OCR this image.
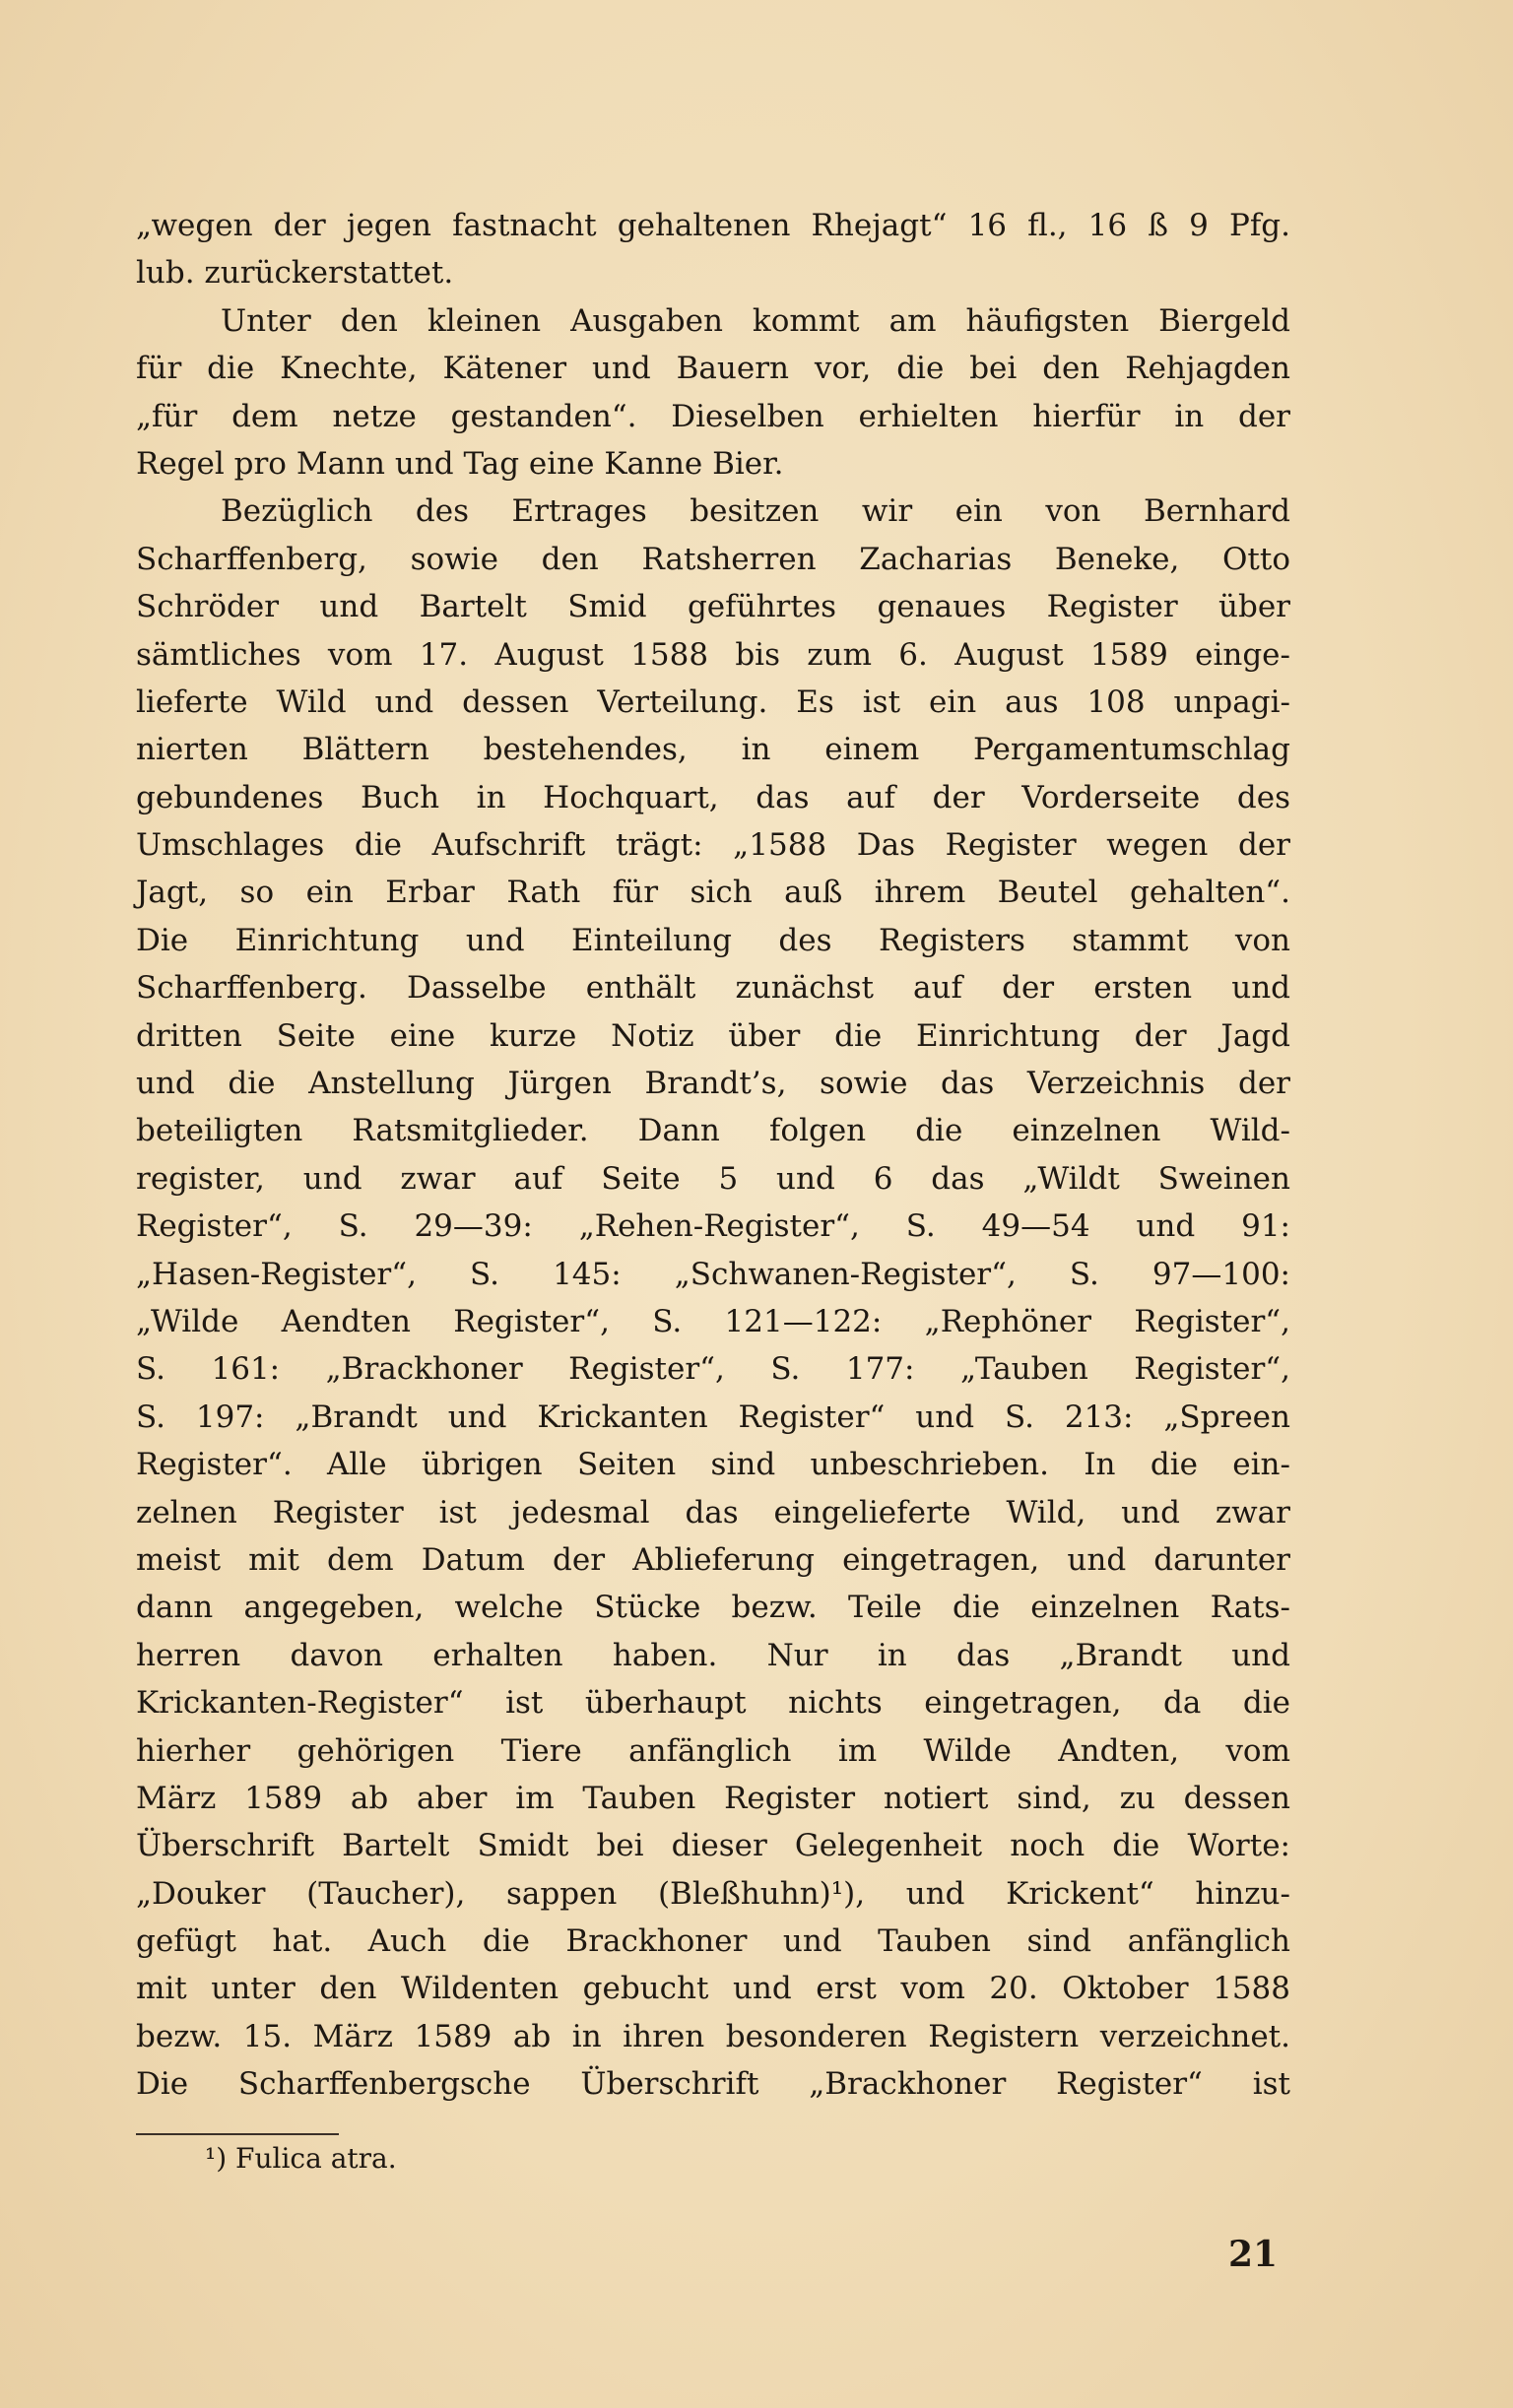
„wegen der jegen fastnacht gehaltenen Rhejagt“ 16 fl., 16 ß 9 Pfg.
lub. zurückerstattet.
Unter den kleinen Ausgaben kommt am häufigsten Biergeld
für die Knechte, Kätener und Bauern vor, die bei den Rehjagden
„für dem netze gestanden“. Dieselben erhielten hierfür in der
Regel pro Mann und Tag eine Kanne Bier.
Bezüglich des Ertrages besitzen wir ein von Bernhard
Scharffenberg, sowie den Ratsherren Zacharias Beneke, Otto
Schröder und Bartelt Smid geführtes genaues Register über
sämtliches vom 17. August 1588 bis zum 6. August 1589 einge-
lieferte Wild und dessen Verteilung. Es ist ein aus 108 unpagi-
nierten Blättern bestehendes, in einem Pergamentumschlag
gebundenes Buch in Hochquart, das auf der Vorderseite des
Umschlages die Aufschrift trägt: „1588 Das Register wegen der
Jagt, so ein Erbar Rath für sich auß ihrem Beutel gehalten“.
Die Einrichtung und Einteilung des Registers stammt von
Scharffenberg. Dasselbe enthält zunächst auf der ersten und
dritten Seite eine kurze Notiz über die Einrichtung der Jagd
und die Anstellung Jürgen Brandt’s, sowie das Verzeichnis der
beteiligten Ratsmitglieder. Dann folgen die einzelnen Wild-
register, und zwar auf Seite 5 und 6 das „Wildt Sweinen
Register“, S. 29—39: „Rehen-Register“, S. 49—54 und 91:
„Hasen-Register“, S. 145: „Schwanen-Register“, S. 97—100:
„Wilde Aendten Register“, S. 121—122: „Rephöner Register“,
S. 161: „Brackhoner Register“, S. 177: „Tauben Register“,
S. 197: „Brandt und Krickanten Register“ und S. 213: „Spreen
Register“. Alle übrigen Seiten sind unbeschrieben. In die ein-
zelnen Register ist jedesmal das eingelieferte Wild, und zwar
meist mit dem Datum der Ablieferung eingetragen, und darunter
dann angegeben, welche Stücke bezw. Teile die einzelnen Rats-
herren davon erhalten haben. Nur in das „Brandt und
Krickanten-Register“ ist überhaupt nichts eingetragen, da die
hierher gehörigen Tiere anfänglich im Wilde Andten, vom
März 1589 ab aber im Tauben Register notiert sind, zu dessen
Überschrift Bartelt Smidt bei dieser Gelegenheit noch die Worte:
„Douker (Taucher), sappen (Bleßhuhn)¹), und Krickent“ hinzu-
gefügt hat. Auch die Brackhoner und Tauben sind anfänglich
mit unter den Wildenten gebucht und erst vom 20. Oktober 1588
bezw. 15. März 1589 ab in ihren besonderen Registern verzeichnet.
Die Scharffenbergsche Überschrift „Brackhoner Register“ ist
¹) Fulica atra.
21
